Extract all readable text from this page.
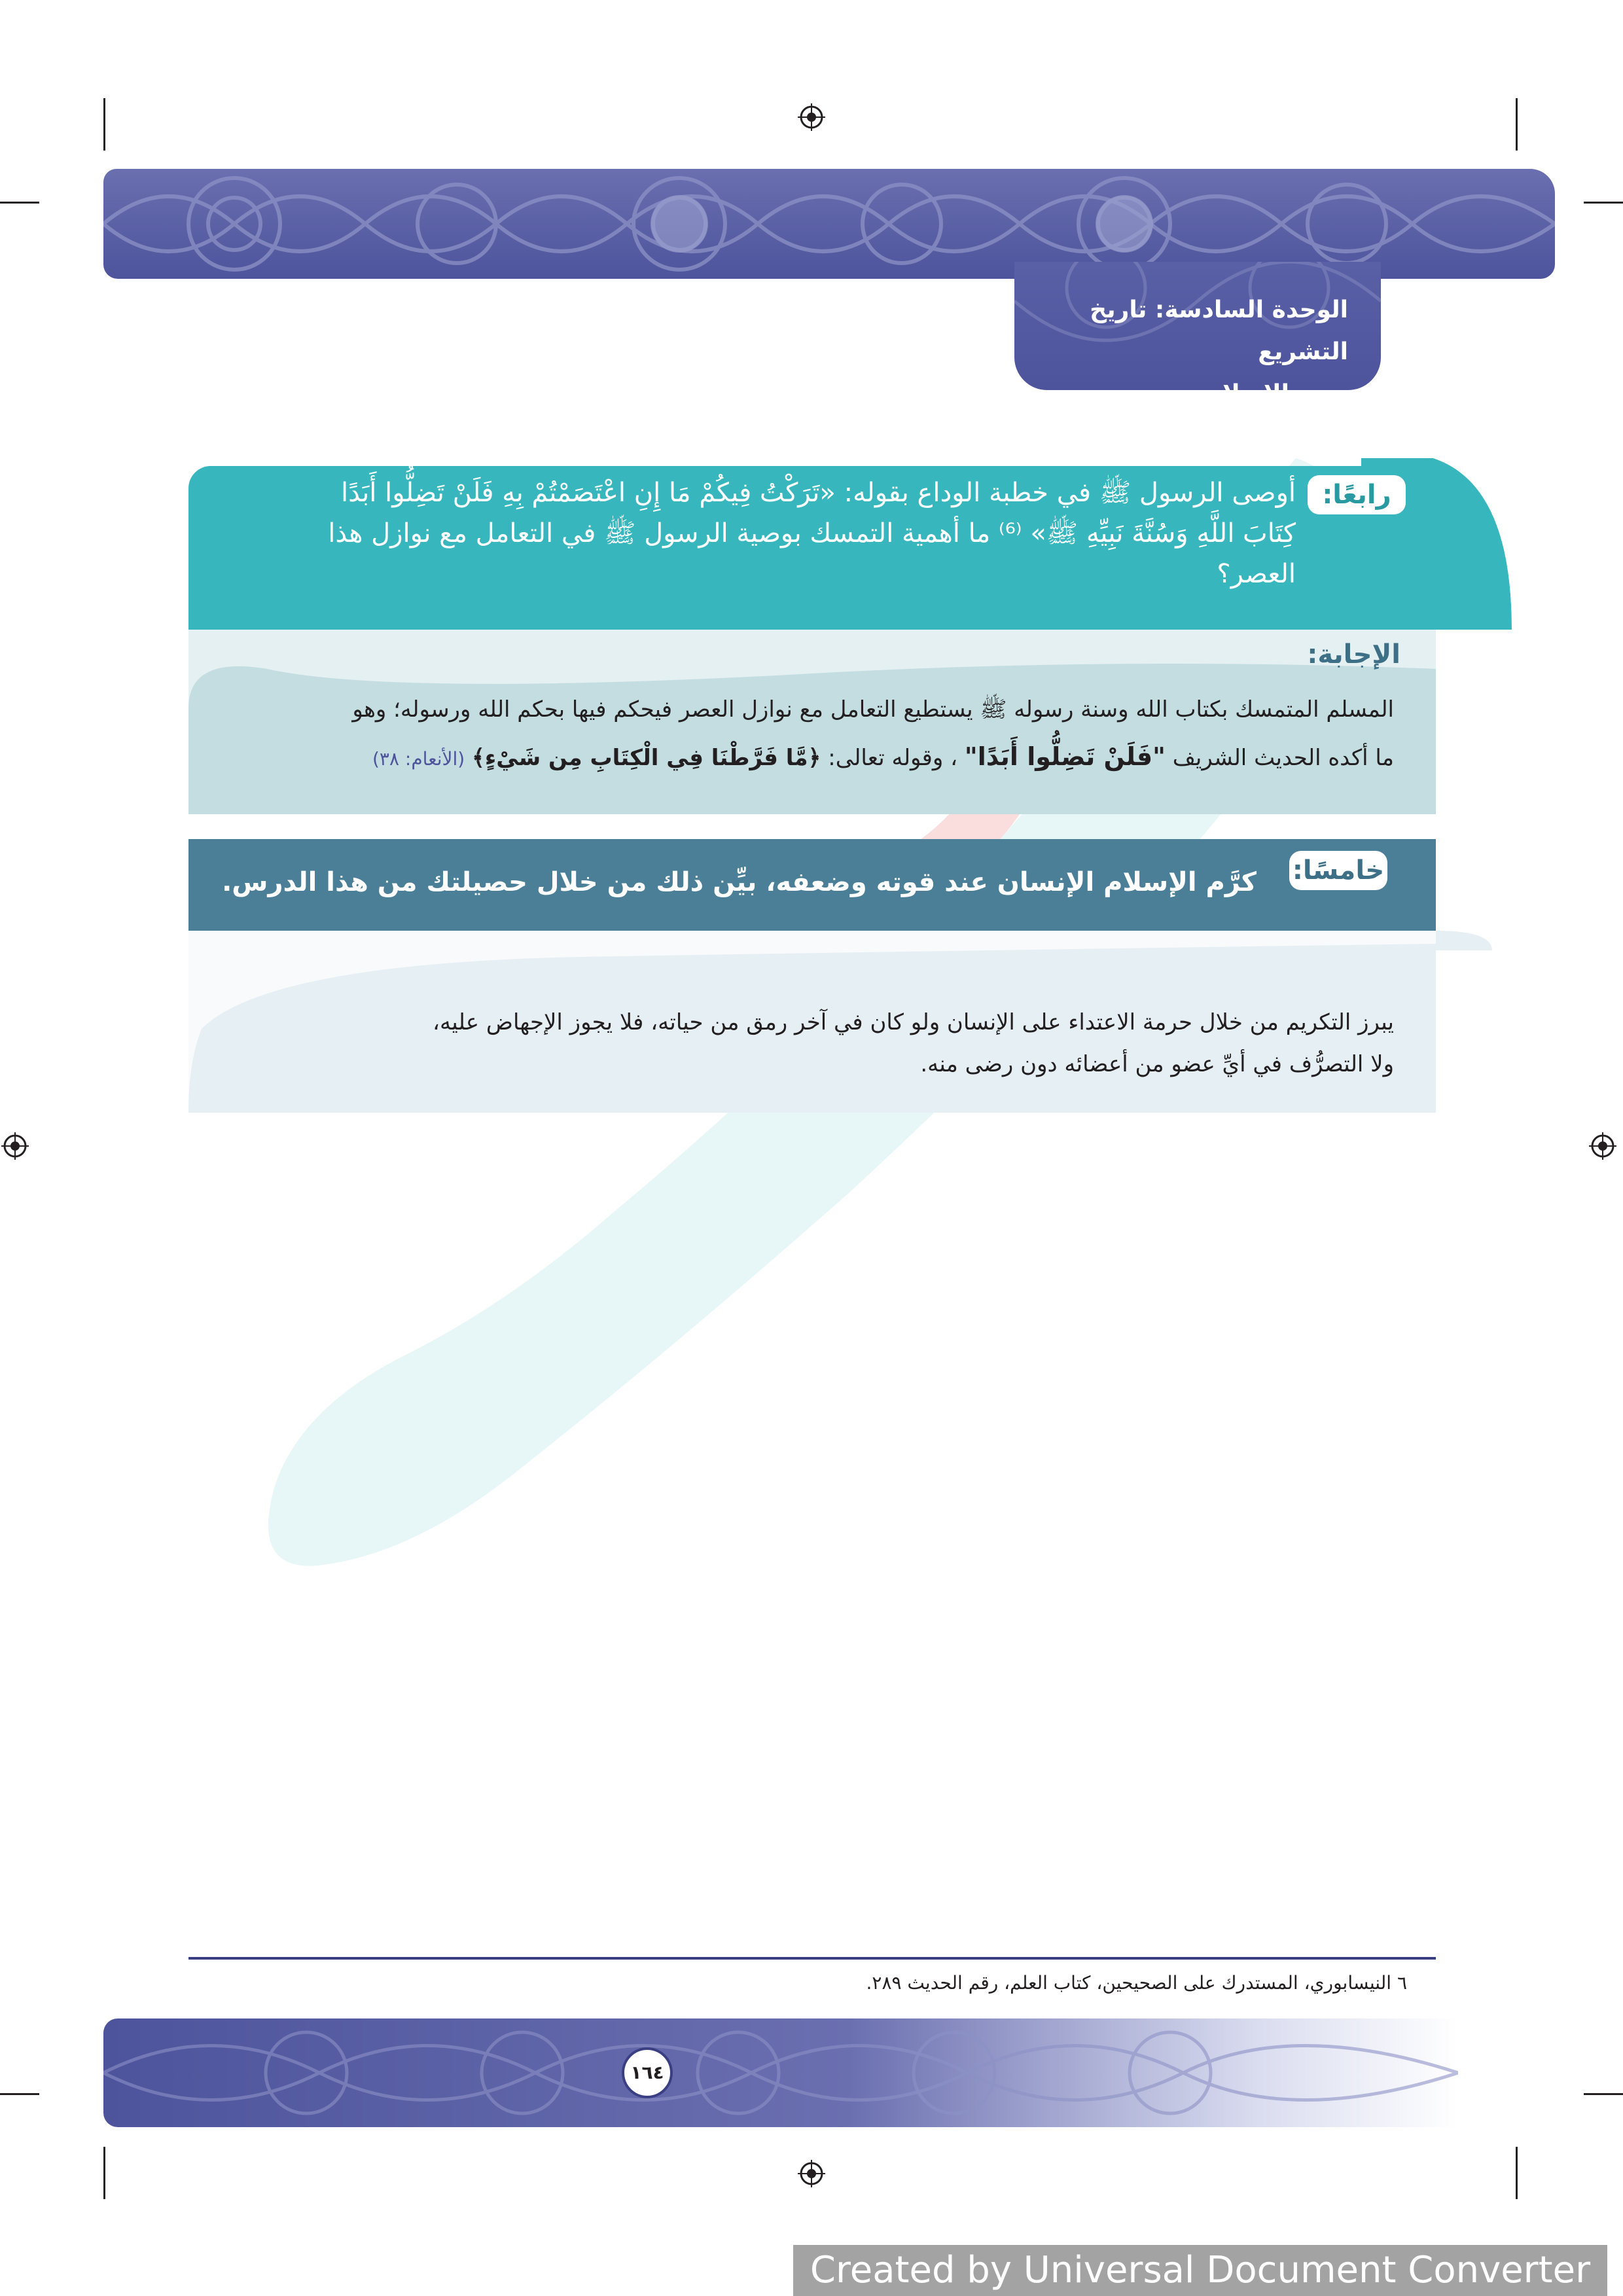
الوحدة السادسة: تاريخ التشريع
الإسلامي
رابعًا:
أوصى الرسول ﷺ في خطبة الوداع بقوله: «تَرَكْتُ فِيكُمْ مَا إِنِ اعْتَصَمْتُمْ بِهِ فَلَنْ تَضِلُّوا أَبَدًا
كِتَابَ اللَّهِ وَسُنَّةَ نَبِيِّهِ ﷺ» ⁽⁶⁾ ما أهمية التمسك بوصية الرسول ﷺ في التعامل مع نوازل هذا
العصر؟
الإجابة:
المسلم المتمسك بكتاب الله وسنة رسوله ﷺ يستطيع التعامل مع نوازل العصر فيحكم فيها بحكم الله ورسوله؛ وهو
ما أكده الحديث الشريف "فَلَنْ تَضِلُّوا أَبَدًا" ، وقوله تعالى: ﴿مَّا فَرَّطْنَا فِي الْكِتَابِ مِن شَيْءٍ﴾ (الأنعام: ٣٨)
خامسًا:
كرَّم الإسلام الإنسان عند قوته وضعفه، بيِّن ذلك من خلال حصيلتك من هذا الدرس.
يبرز التكريم من خلال حرمة الاعتداء على الإنسان ولو كان في آخر رمق من حياته، فلا يجوز الإجهاض عليه،
ولا التصرُّف في أيِّ عضو من أعضائه دون رضى منه.
٦ النيسابوري، المستدرك على الصحيحين، كتاب العلم، رقم الحديث ٢٨٩.
١٦٤
Created by Universal Document Converter
